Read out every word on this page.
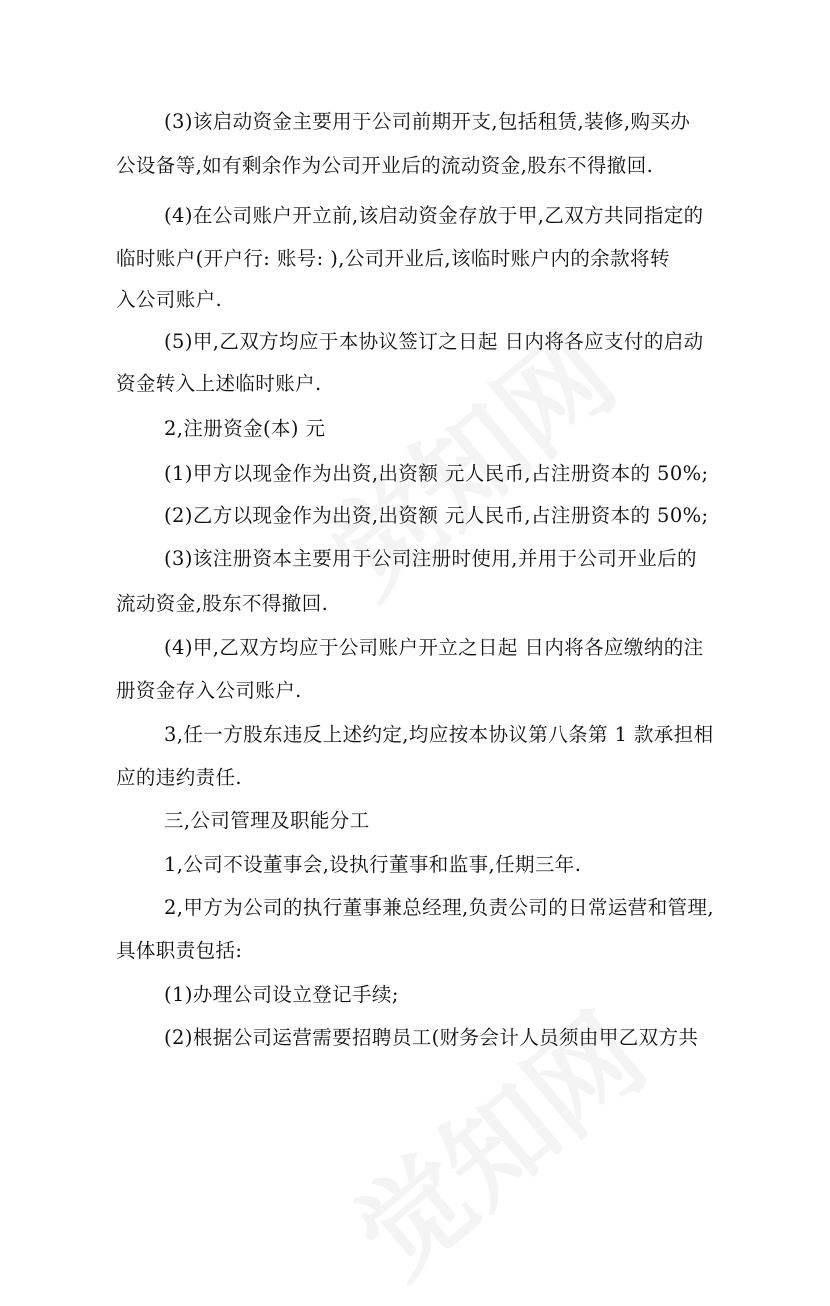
(3)该启动资金主要用于公司前期开支,包括租赁,装修,购买办

公设备等,如有剩余作为公司开业后的流动资金,股东不得撤回.

(4)在公司账户开立前,该启动资金存放于甲,乙双方共同指定的

临时账户(开户行: 账号: ),公司开业后,该临时账户内的余款将转

入公司账户.

(5)甲,乙双方均应于本协议签订之日起 日内将各应支付的启动

资金转入上述临时账户.

2,注册资金(本) 元

(1)甲方以现金作为出资,出资额 元人民币,占注册资本的 50%;

(2)乙方以现金作为出资,出资额 元人民币,占注册资本的 50%;

(3)该注册资本主要用于公司注册时使用,并用于公司开业后的

流动资金,股东不得撤回.

(4)甲,乙双方均应于公司账户开立之日起 日内将各应缴纳的注

册资金存入公司账户.

3,任一方股东违反上述约定,均应按本协议第八条第 1 款承担相

应的违约责任.

三,公司管理及职能分工

1,公司不设董事会,设执行董事和监事,任期三年.

2,甲方为公司的执行董事兼总经理,负责公司的日常运营和管理,

具体职责包括:

(1)办理公司设立登记手续;

(2)根据公司运营需要招聘员工(财务会计人员须由甲乙双方共
